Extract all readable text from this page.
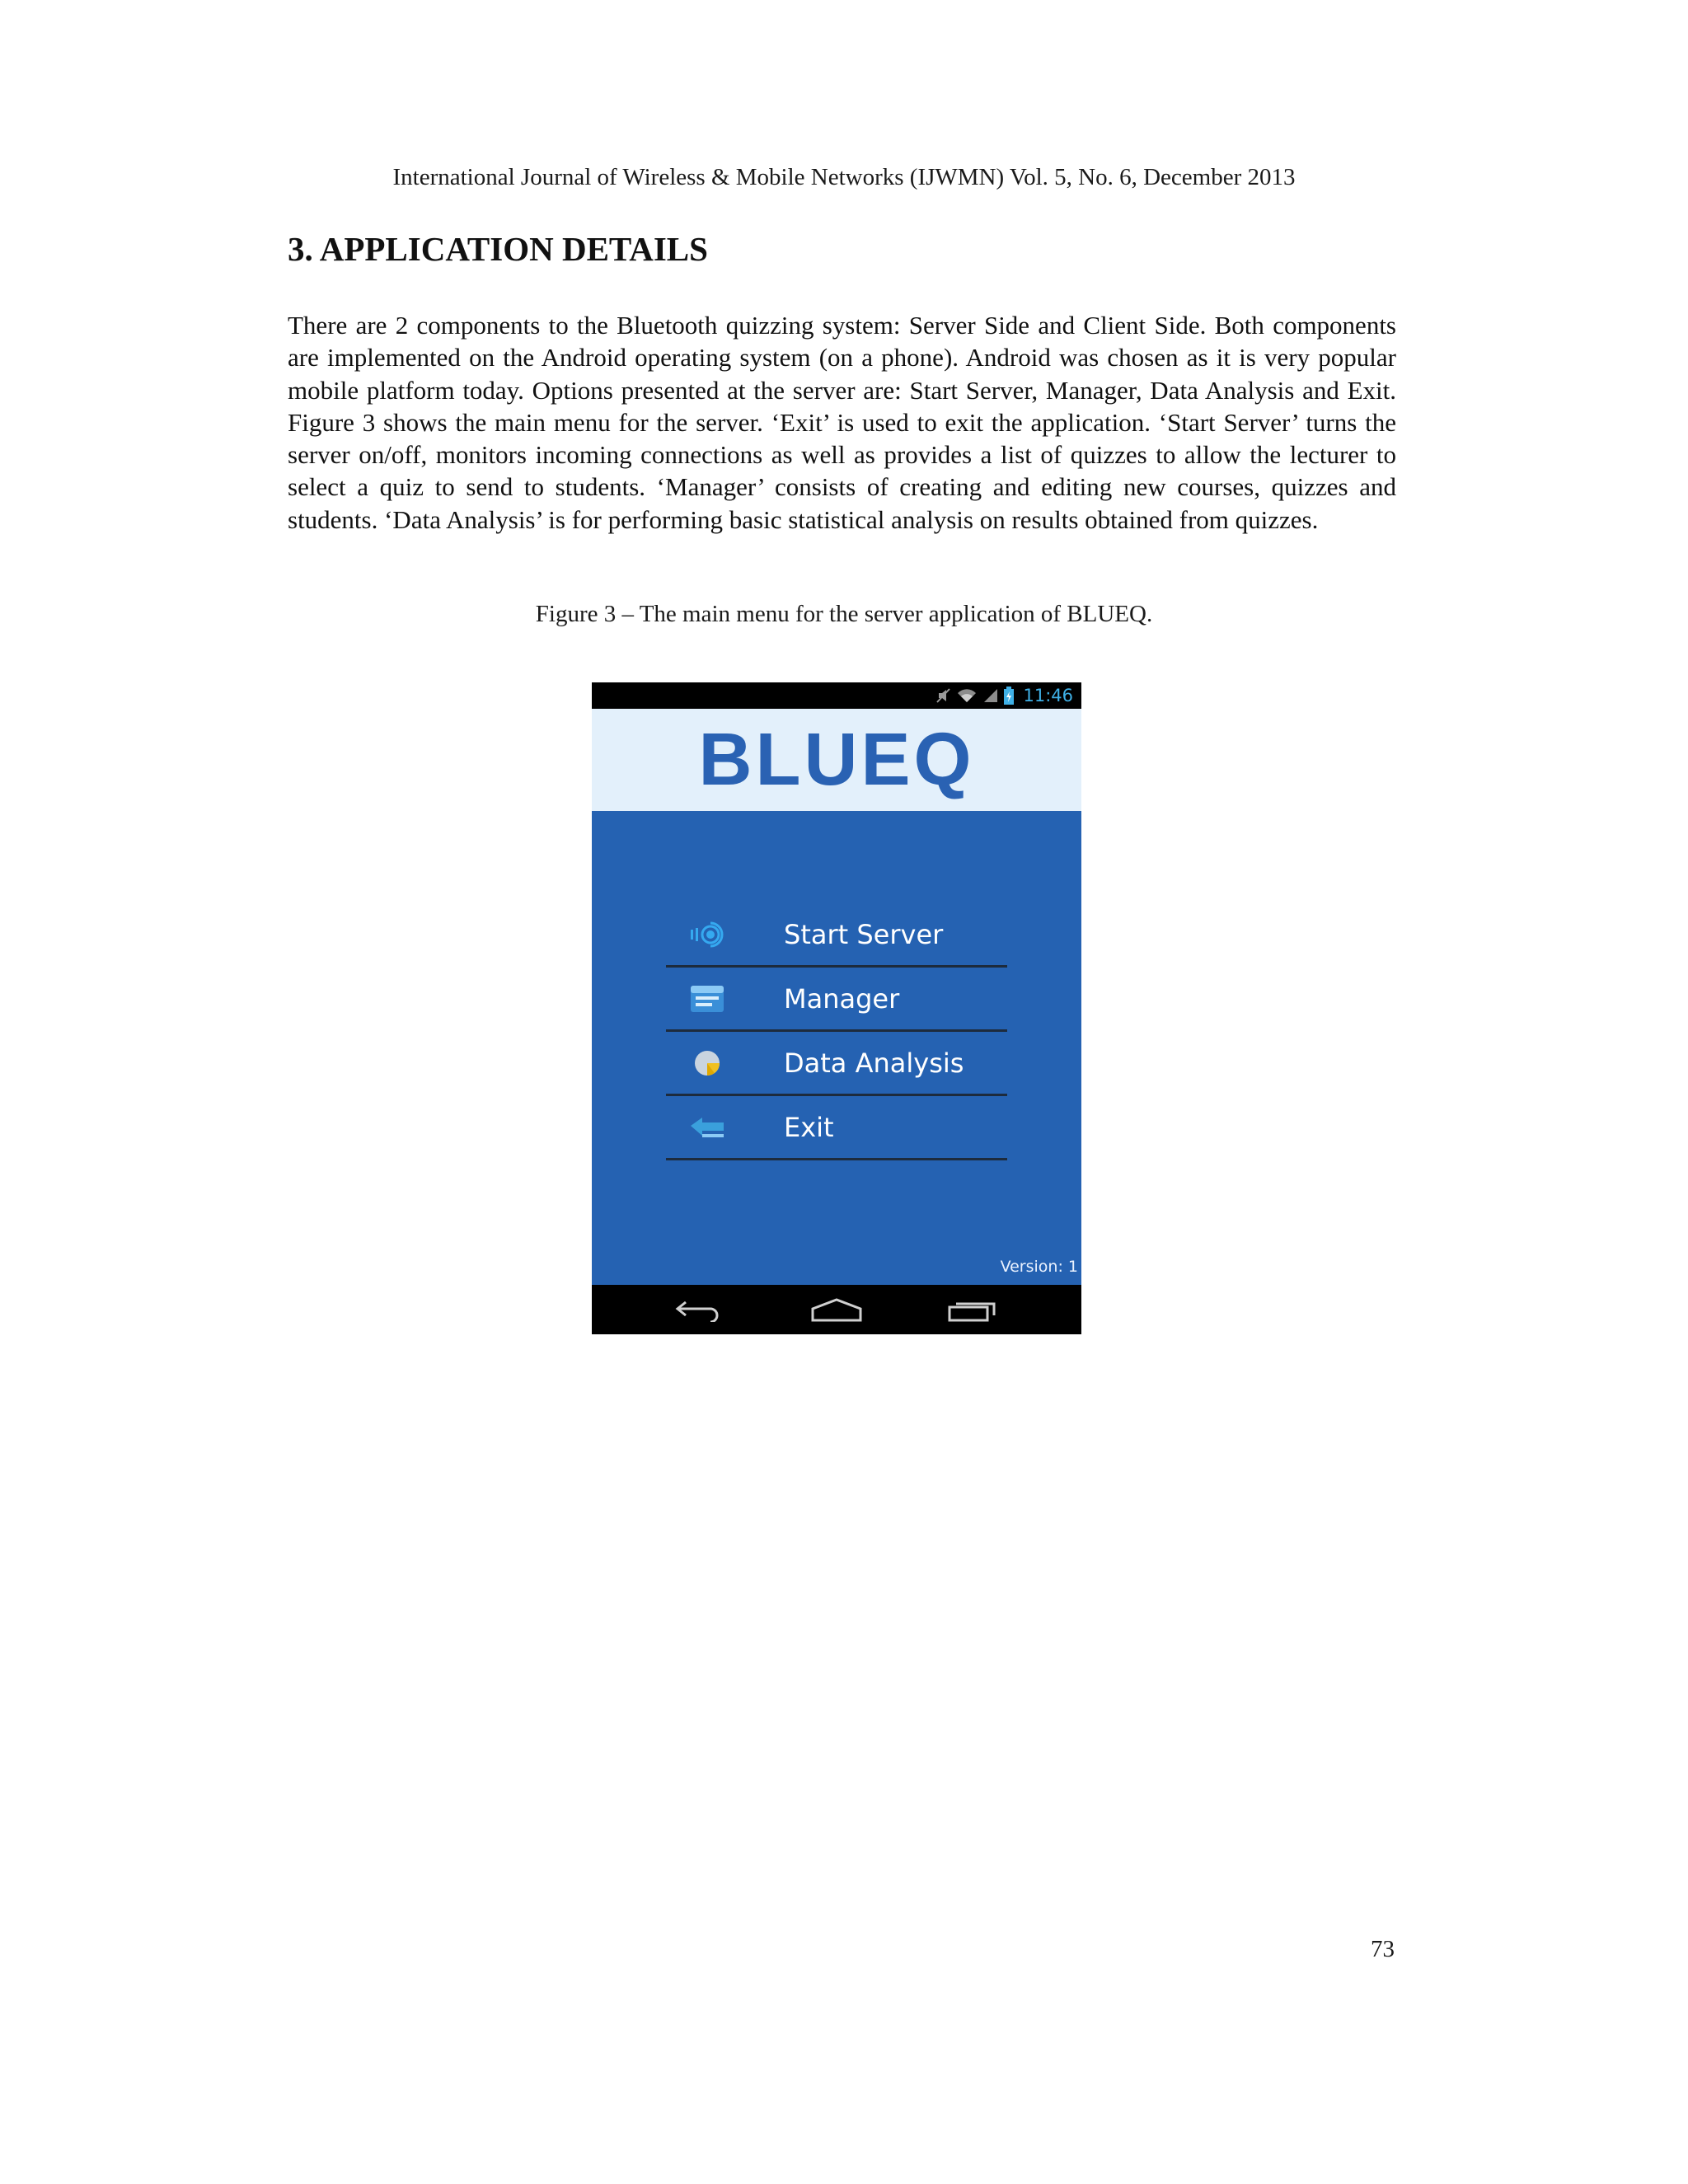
International Journal of Wireless & Mobile Networks (IJWMN) Vol. 5, No. 6, December 2013
3. APPLICATION DETAILS

There are 2 components to the Bluetooth quizzing system: Server Side and Client Side. Both components are implemented on the Android operating system (on a phone). Android was chosen as it is very popular mobile platform today. Options presented at the server are: Start Server, Manager, Data Analysis and Exit. Figure 3 shows the main menu for the server. ‘Exit’ is used to exit the application. ‘Start Server’ turns the server on/off, monitors incoming connections as well as provides a list of quizzes to allow the lecturer to select a quiz to send to students. ‘Manager’ consists of creating and editing new courses, quizzes and students. ‘Data Analysis’ is for performing basic statistical analysis on results obtained from quizzes.

Figure 3 – The main menu for the server application of BLUEQ.
11:46
BLUEQ
Start Server
Manager
Data Analysis
Exit
Version: 1
73
